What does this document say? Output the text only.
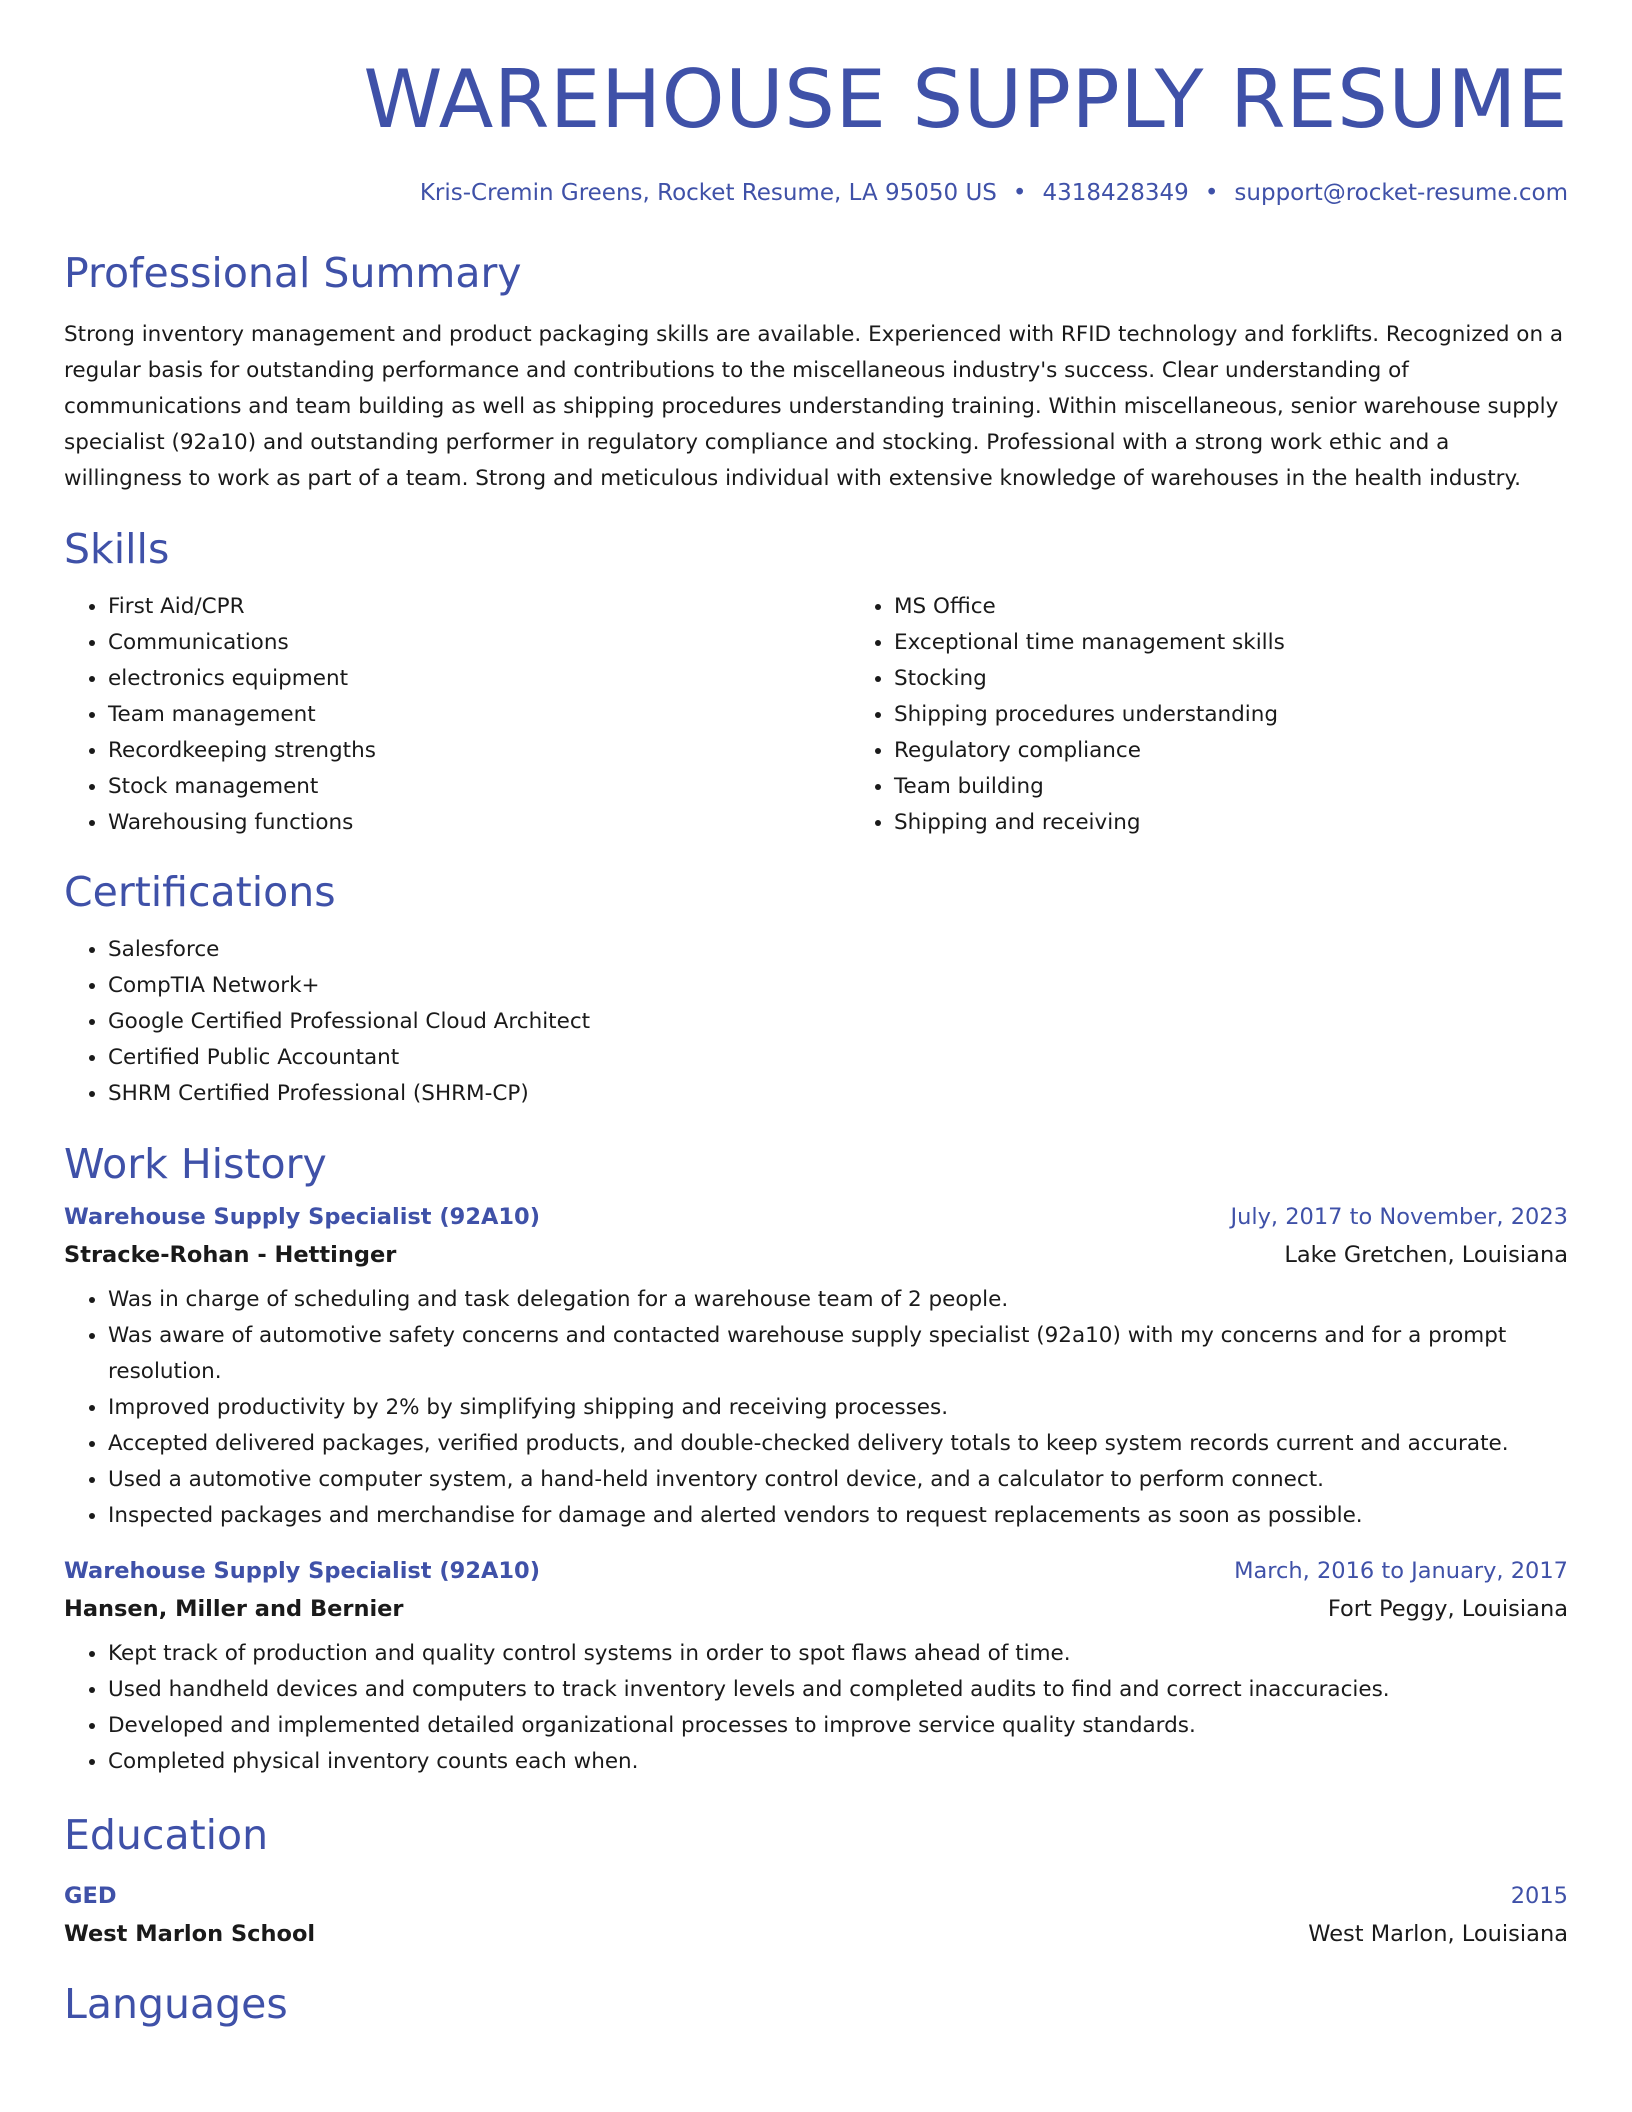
WAREHOUSE SUPPLY RESUME
Kris-Cremin Greens, Rocket Resume, LA 95050 US • 4318428349 • support@rocket-resume.com
Professional Summary

Strong inventory management and product packaging skills are available. Experienced with RFID technology and forklifts. Recognized on a regular basis for outstanding performance and contributions to the miscellaneous industry's success. Clear understanding of communications and team building as well as shipping procedures understanding training. Within miscellaneous, senior warehouse supply specialist (92a10) and outstanding performer in regulatory compliance and stocking. Professional with a strong work ethic and a willingness to work as part of a team. Strong and meticulous individual with extensive knowledge of warehouses in the health industry.

Skills
• First Aid/CPR
• Communications
• electronics equipment
• Team management
• Recordkeeping strengths
• Stock management
• Warehousing functions
• MS Office
• Exceptional time management skills
• Stocking
• Shipping procedures understanding
• Regulatory compliance
• Team building
• Shipping and receiving
Certifications
• Salesforce
• CompTIA Network+
• Google Certified Professional Cloud Architect
• Certified Public Accountant
• SHRM Certified Professional (SHRM-CP)
Work History
Warehouse Supply Specialist (92A10)	July, 2017 to November, 2023
Stracke-Rohan - Hettinger	Lake Gretchen, Louisiana
• Was in charge of scheduling and task delegation for a warehouse team of 2 people.
• Was aware of automotive safety concerns and contacted warehouse supply specialist (92a10) with my concerns and for a prompt resolution.
• Improved productivity by 2% by simplifying shipping and receiving processes.
• Accepted delivered packages, verified products, and double-checked delivery totals to keep system records current and accurate.
• Used a automotive computer system, a hand-held inventory control device, and a calculator to perform connect.
• Inspected packages and merchandise for damage and alerted vendors to request replacements as soon as possible.
Warehouse Supply Specialist (92A10)	March, 2016 to January, 2017
Hansen, Miller and Bernier	Fort Peggy, Louisiana
• Kept track of production and quality control systems in order to spot flaws ahead of time.
• Used handheld devices and computers to track inventory levels and completed audits to find and correct inaccuracies.
• Developed and implemented detailed organizational processes to improve service quality standards.
• Completed physical inventory counts each when.
Education
GED	2015
West Marlon School	West Marlon, Louisiana
Languages
